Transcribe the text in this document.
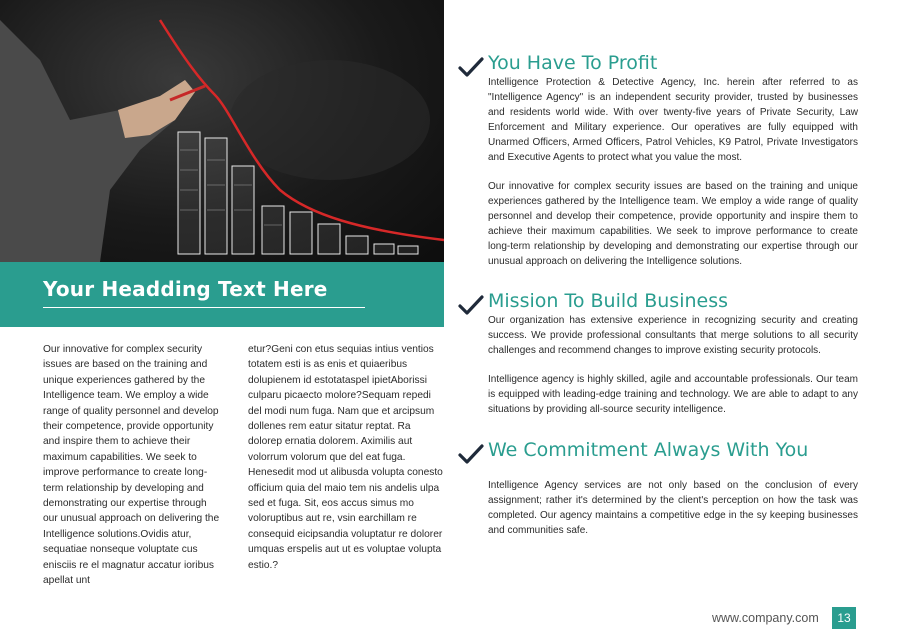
Your Headding Text Here
Our innovative for complex security issues are based on the training and unique experiences gathered by the Intelligence team. We employ a wide range of quality personnel and develop their competence, provide opportunity and inspire them to achieve their maximum capabilities. We seek to improve performance to create long-term relationship by developing and demonstrating our expertise through our unusual approach on delivering the Intelligence solutions.Ovidis atur, sequatiae nonseque voluptate cus enisciis re el magnatur accatur ioribus apellat unt
etur?Geni con etus sequias intius ventios totatem esti is as enis et quiaeribus dolupienem id estotataspel ipietAborissi culparu picaecto molore?Sequam repedi del modi num fuga. Nam que et arcipsum dollenes rem eatur sitatur reptat. Ra dolorep ernatia dolorem. Aximilis aut volorrum volorum que del eat fuga. Henesedit mod ut alibusda volupta conesto officium quia del maio tem nis andelis ulpa sed et fuga. Sit, eos accus simus mo voloruptibus aut re, vsin earchillam re consequid eicipsandia voluptatur re dolorer umquas erspelis aut ut es voluptae volupta estio.?
You Have To Profit

Intelligence Protection & Detective Agency, Inc. herein after referred to as "Intelligence Agency" is an independent security provider, trusted by businesses and residents world wide. With over twenty-five years of Private Security, Law Enforcement and Military experience. Our operatives are fully equipped with Unarmed Officers, Armed Officers, Patrol Vehicles, K9 Patrol, Private Investigators and Executive Agents to protect what you value the most.

Our innovative for complex security issues are based on the training and unique experiences gathered by the Intelligence team. We employ a wide range of quality personnel and develop their competence, provide opportunity and inspire them to achieve their maximum capabilities. We seek to improve performance to create long-term relationship by developing and demonstrating our expertise through our unusual approach on delivering the Intelligence solutions.

Mission To Build Business

Our organization has extensive experience in recognizing security and creating success. We provide professional consultants that merge solutions to all security challenges and recommend changes to improve existing security protocols.

Intelligence agency is highly skilled, agile and accountable professionals. Our team is equipped with leading-edge training and technology. We are able to adapt to any situations by providing all-source security intelligence.

We Commitment Always With You

Intelligence Agency services are not only based on the conclusion of every assignment; rather it's determined by the client's perception on how the task was completed. Our agency maintains a competitive edge in the sy keeping businesses and communities safe.

www.company.com	13
